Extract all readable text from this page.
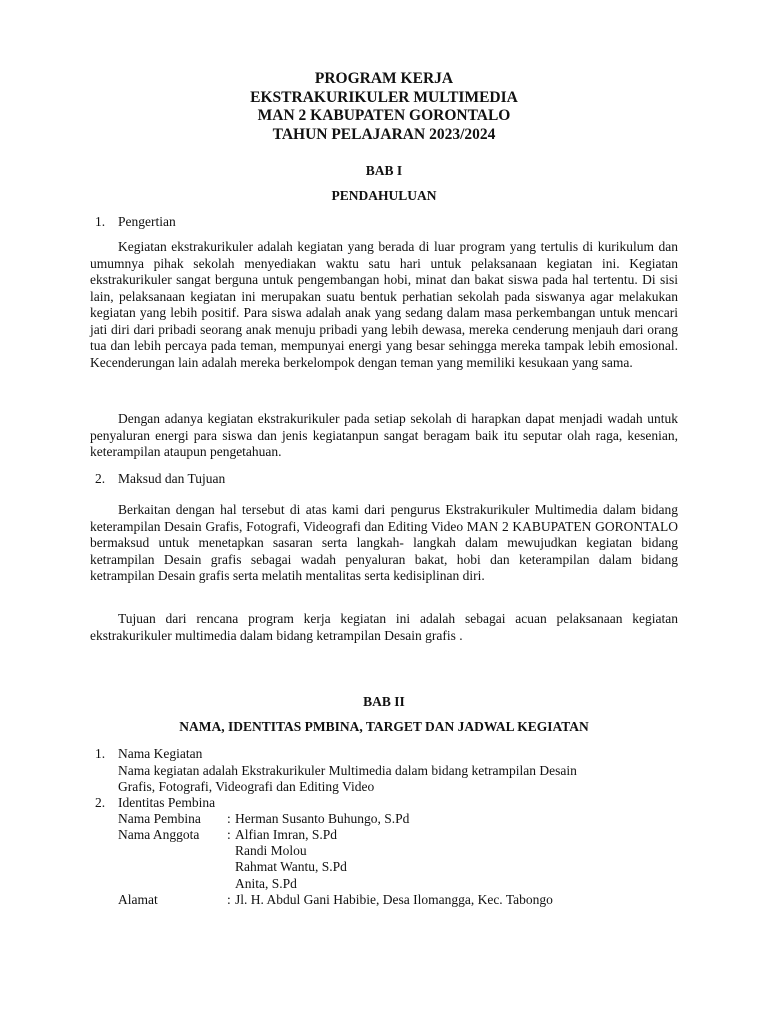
PROGRAM KERJA
EKSTRAKURIKULER MULTIMEDIA
MAN 2 KABUPATEN GORONTALO
TAHUN PELAJARAN 2023/2024
BAB I
PENDAHULUAN
1. Pengertian

Kegiatan ekstrakurikuler adalah kegiatan yang berada di luar program yang tertulis di kurikulum dan umumnya pihak sekolah menyediakan waktu satu hari untuk pelaksanaan kegiatan ini. Kegiatan ekstrakurikuler sangat berguna untuk pengembangan hobi, minat dan bakat siswa pada hal tertentu. Di sisi lain, pelaksanaan kegiatan ini merupakan suatu bentuk perhatian sekolah pada siswanya agar melakukan kegiatan yang lebih positif. Para siswa adalah anak yang sedang dalam masa perkembangan untuk mencari jati diri dari pribadi seorang anak menuju pribadi yang lebih dewasa, mereka cenderung menjauh dari orang tua dan lebih percaya pada teman, mempunyai energi yang besar sehingga mereka tampak lebih emosional. Kecenderungan lain adalah mereka berkelompok dengan teman yang memiliki kesukaan yang sama.

Dengan adanya kegiatan ekstrakurikuler pada setiap sekolah di harapkan dapat menjadi wadah untuk penyaluran energi para siswa dan jenis kegiatanpun sangat beragam baik itu seputar olah raga, kesenian, keterampilan ataupun pengetahuan.

2. Maksud dan Tujuan

Berkaitan dengan hal tersebut di atas kami dari pengurus Ekstrakurikuler Multimedia dalam bidang keterampilan Desain Grafis, Fotografi, Videografi dan Editing Video MAN 2 KABUPATEN GORONTALO bermaksud untuk menetapkan sasaran serta langkah- langkah dalam mewujudkan kegiatan bidang ketrampilan Desain grafis sebagai wadah penyaluran bakat, hobi dan keterampilan dalam bidang ketrampilan Desain grafis serta melatih mentalitas serta kedisiplinan diri.

Tujuan dari rencana program kerja kegiatan ini adalah sebagai acuan pelaksanaan kegiatan ekstrakurikuler multimedia dalam bidang ketrampilan Desain grafis .

BAB II
NAMA, IDENTITAS PMBINA, TARGET DAN JADWAL KEGIATAN
1. Nama Kegiatan
Nama kegiatan adalah Ekstrakurikuler Multimedia dalam bidang ketrampilan Desain
Grafis, Fotografi, Videografi dan Editing Video
2. Identitas Pembina
Nama Pembina : Herman Susanto Buhungo, S.Pd
Nama Anggota : Alfian Imran, S.Pd
Randi Molou
Rahmat Wantu, S.Pd
Anita, S.Pd
Alamat	: Jl. H. Abdul Gani Habibie, Desa Ilomangga, Kec. Tabongo
